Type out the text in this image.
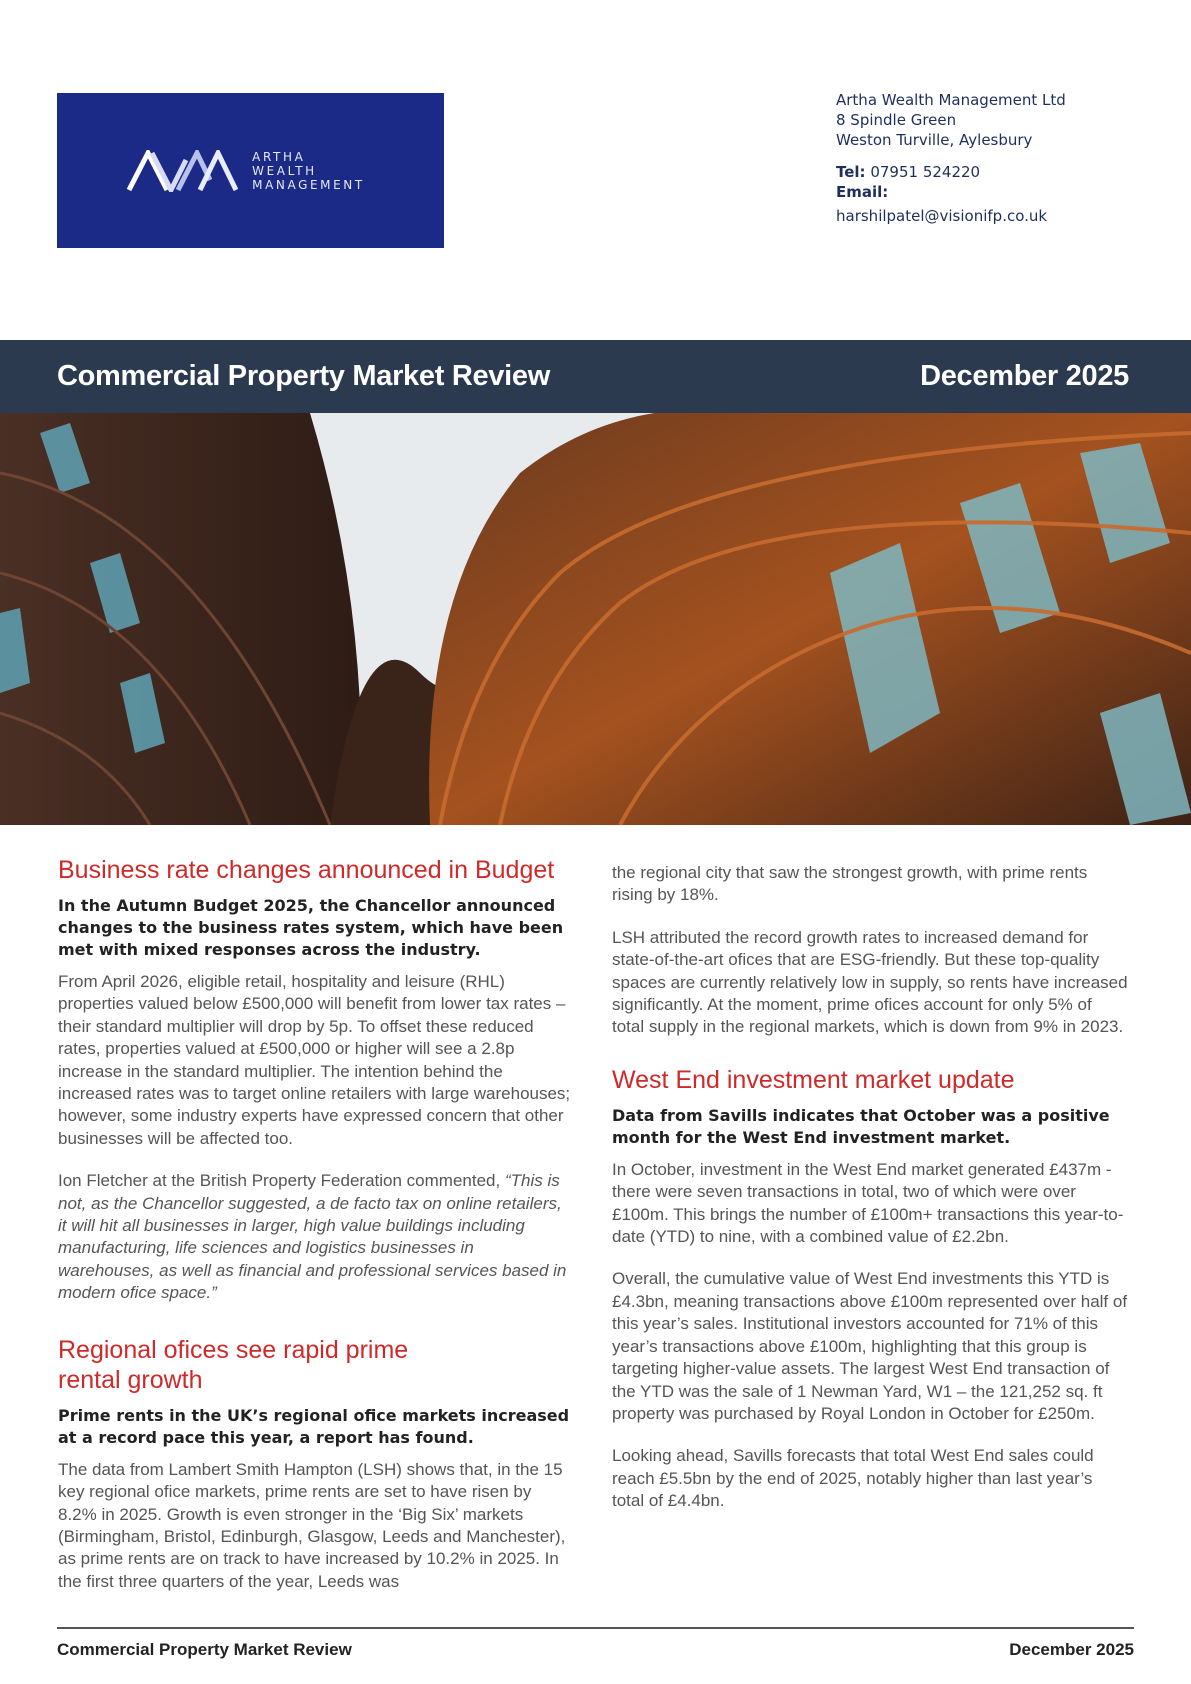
ARTHA
WEALTH
MANAGEMENT
Artha Wealth Management Ltd
8 Spindle Green
Weston Turville, Aylesbury
Tel: 07951 524220
Email:
harshilpatel@visionifp.co.uk
Commercial Property Market Review	December 2025
Business rate changes announced in Budget
In the Autumn Budget 2025, the Chancellor announced changes to the business rates system, which have been met with mixed responses across the industry.

From April 2026, eligible retail, hospitality and leisure (RHL) properties valued below £500,000 will benefit from lower tax rates – their standard multiplier will drop by 5p. To offset these reduced rates, properties valued at £500,000 or higher will see a 2.8p increase in the standard multiplier. The intention behind the increased rates was to target online retailers with large warehouses; however, some industry experts have expressed concern that other businesses will be affected too.

Ion Fletcher at the British Property Federation commented, “This is not, as the Chancellor suggested, a de facto tax on online retailers, it will hit all businesses in larger, high value buildings including manufacturing, life sciences and logistics businesses in warehouses, as well as financial and professional services based in modern ofice space.”

Regional ofices see rapid prime rental growth
Prime rents in the UK’s regional ofice markets increased at a record pace this year, a report has found.

The data from Lambert Smith Hampton (LSH) shows that, in the 15 key regional ofice markets, prime rents are set to have risen by 8.2% in 2025. Growth is even stronger in the ‘Big Six’ markets (Birmingham, Bristol, Edinburgh, Glasgow, Leeds and Manchester), as prime rents are on track to have increased by 10.2% in 2025. In the first three quarters of the year, Leeds was

the regional city that saw the strongest growth, with prime rents rising by 18%.

LSH attributed the record growth rates to increased demand for state-of-the-art ofices that are ESG-friendly. But these top-quality spaces are currently relatively low in supply, so rents have increased significantly. At the moment, prime ofices account for only 5% of total supply in the regional markets, which is down from 9% in 2023.

West End investment market update
Data from Savills indicates that October was a positive month for the West End investment market.

In October, investment in the West End market generated £437m - there were seven transactions in total, two of which were over £100m. This brings the number of £100m+ transactions this year-to-date (YTD) to nine, with a combined value of £2.2bn.

Overall, the cumulative value of West End investments this YTD is £4.3bn, meaning transactions above £100m represented over half of this year’s sales. Institutional investors accounted for 71% of this year’s transactions above £100m, highlighting that this group is targeting higher-value assets. The largest West End transaction of the YTD was the sale of 1 Newman Yard, W1 – the 121,252 sq. ft property was purchased by Royal London in October for £250m.

Looking ahead, Savills forecasts that total West End sales could reach £5.5bn by the end of 2025, notably higher than last year’s total of £4.4bn.

Commercial Property Market Review	December 2025
